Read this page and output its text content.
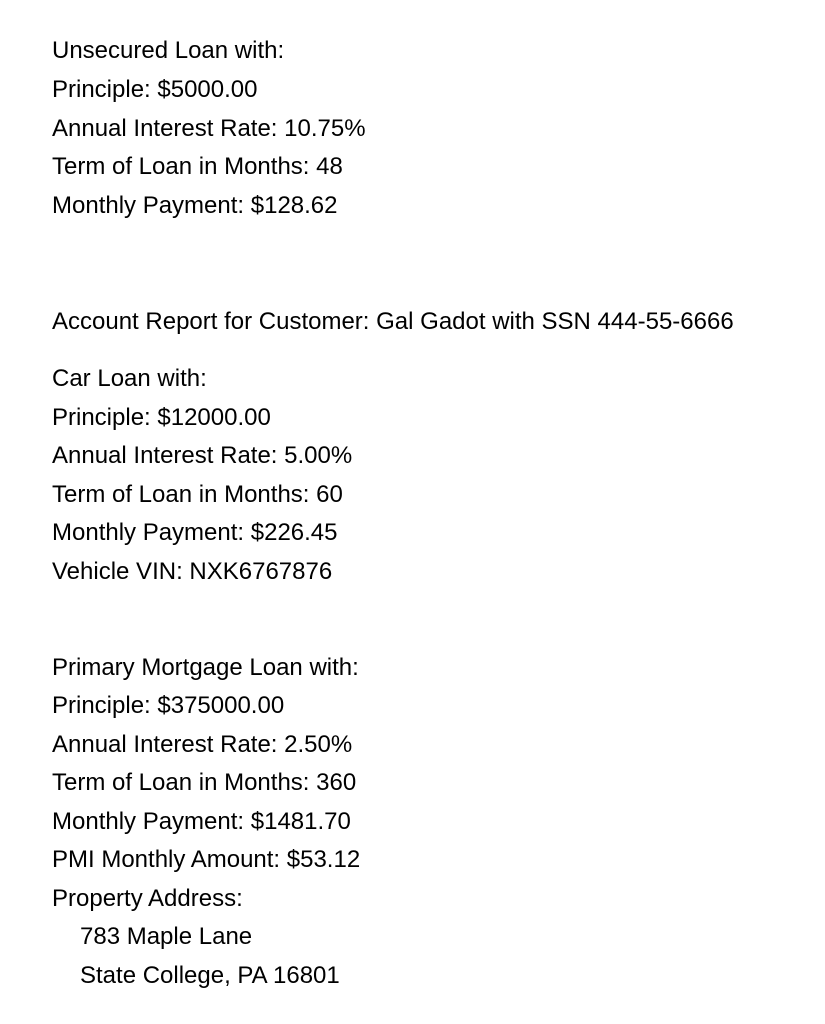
Unsecured Loan with:
Principle: $5000.00
Annual Interest Rate: 10.75%
Term of Loan in Months: 48
Monthly Payment: $128.62
Account Report for Customer: Gal Gadot with SSN 444-55-6666
Car Loan with:
Principle: $12000.00
Annual Interest Rate: 5.00%
Term of Loan in Months: 60
Monthly Payment: $226.45
Vehicle VIN: NXK6767876
Primary Mortgage Loan with:
Principle: $375000.00
Annual Interest Rate: 2.50%
Term of Loan in Months: 360
Monthly Payment: $1481.70
PMI Monthly Amount: $53.12
Property Address:
783 Maple Lane
State College, PA 16801
